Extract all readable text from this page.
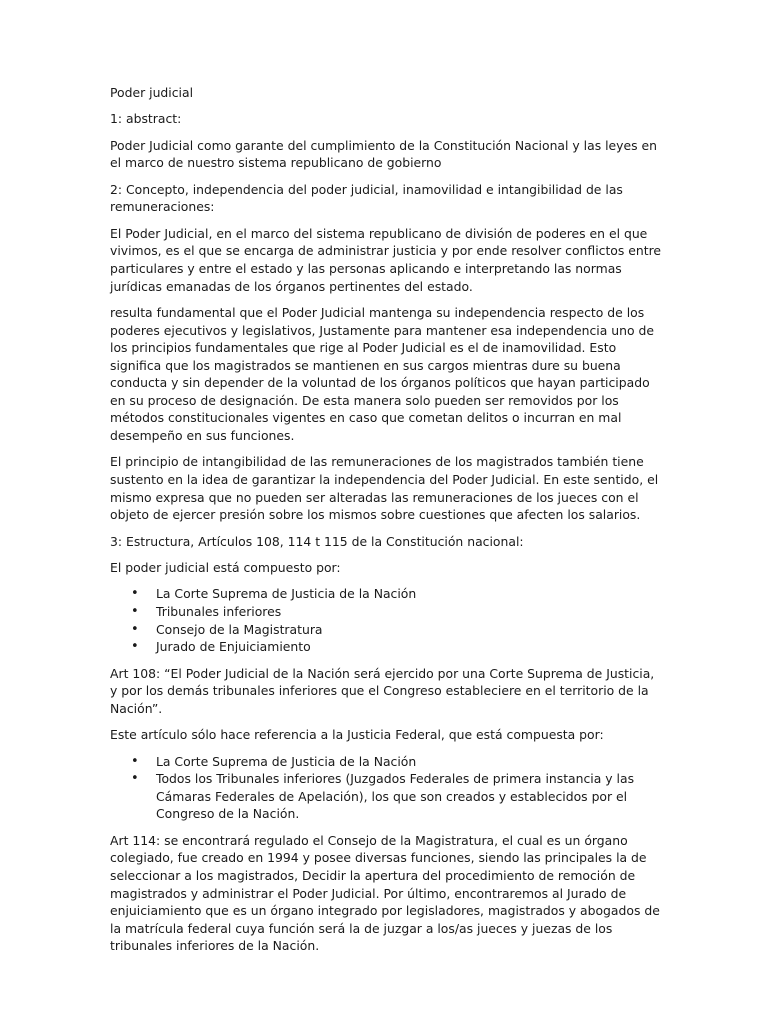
Poder judicial

1: abstract:

Poder Judicial como garante del cumplimiento de la Constitución Nacional y las leyes en el marco de nuestro sistema republicano de gobierno

2: Concepto, independencia del poder judicial, inamovilidad e intangibilidad de las remuneraciones:

El Poder Judicial, en el marco del sistema republicano de división de poderes en el que vivimos, es el que se encarga de administrar justicia y por ende resolver conflictos entre particulares y entre el estado y las personas aplicando e interpretando las normas jurídicas emanadas de los órganos pertinentes del estado.

resulta fundamental que el Poder Judicial mantenga su independencia respecto de los poderes ejecutivos y legislativos, Justamente para mantener esa independencia uno de los principios fundamentales que rige al Poder Judicial es el de inamovilidad. Esto significa que los magistrados se mantienen en sus cargos mientras dure su buena conducta y sin depender de la voluntad de los órganos políticos que hayan participado en su proceso de designación. De esta manera solo pueden ser removidos por los métodos constitucionales vigentes en caso que cometan delitos o incurran en mal desempeño en sus funciones.

El principio de intangibilidad de las remuneraciones de los magistrados también tiene sustento en la idea de garantizar la independencia del Poder Judicial. En este sentido, el mismo expresa que no pueden ser alteradas las remuneraciones de los jueces con el objeto de ejercer presión sobre los mismos sobre cuestiones que afecten los salarios.

3: Estructura, Artículos 108, 114 t 115 de la Constitución nacional:

El poder judicial está compuesto por:

• La Corte Suprema de Justicia de la Nación
• Tribunales inferiores
• Consejo de la Magistratura
• Jurado de Enjuiciamiento

Art 108: “El Poder Judicial de la Nación será ejercido por una Corte Suprema de Justicia, y por los demás tribunales inferiores que el Congreso estableciere en el territorio de la Nación”.

Este artículo sólo hace referencia a la Justicia Federal, que está compuesta por:

• La Corte Suprema de Justicia de la Nación
• Todos los Tribunales inferiores (Juzgados Federales de primera instancia y las Cámaras Federales de Apelación), los que son creados y establecidos por el Congreso de la Nación.

Art 114: se encontrará regulado el Consejo de la Magistratura, el cual es un órgano colegiado, fue creado en 1994 y posee diversas funciones, siendo las principales la de seleccionar a los magistrados, Decidir la apertura del procedimiento de remoción de magistrados y administrar el Poder Judicial. Por último, encontraremos al Jurado de enjuiciamiento que es un órgano integrado por legisladores, magistrados y abogados de la matrícula federal cuya función será la de juzgar a los/as jueces y juezas de los tribunales inferiores de la Nación.
